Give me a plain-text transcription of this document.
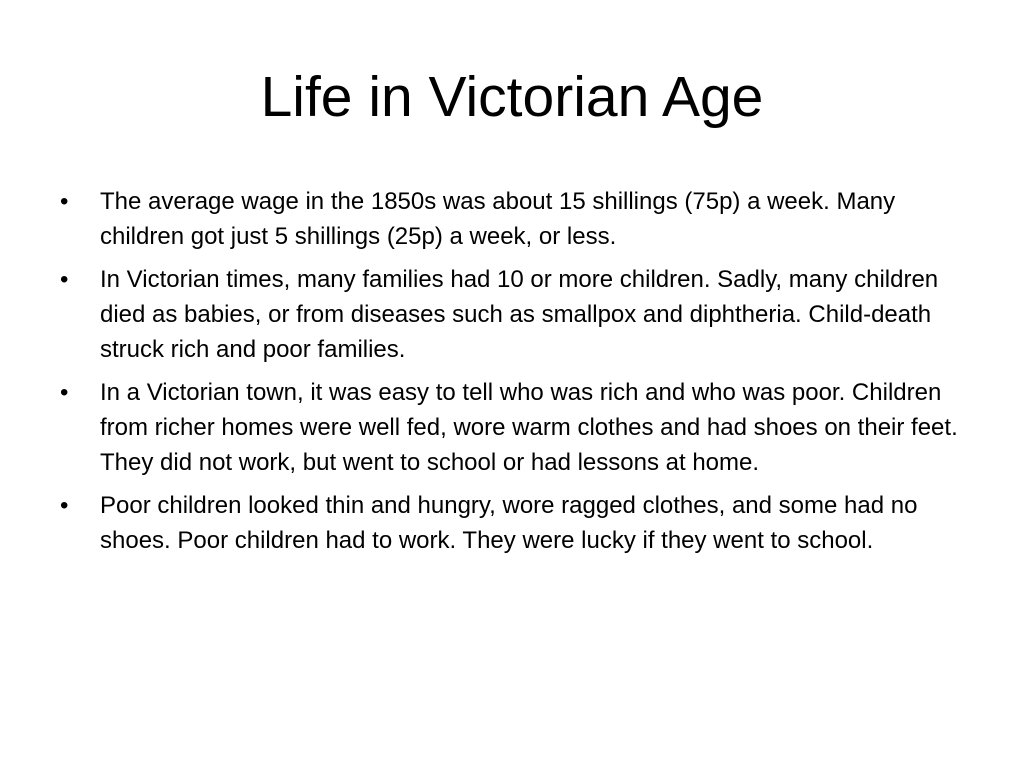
Life in Victorian Age
•	The average wage in the 1850s was about 15 shillings (75p) a week. Many children got just 5 shillings (25p) a week, or less.
•	In Victorian times, many families had 10 or more children. Sadly, many children died as babies, or from diseases such as smallpox and diphtheria. Child-death struck rich and poor families.
•	In a Victorian town, it was easy to tell who was rich and who was poor. Children from richer homes were well fed, wore warm clothes and had shoes on their feet. They did not work, but went to school or had lessons at home.
•	Poor children looked thin and hungry, wore ragged clothes, and some had no shoes. Poor children had to work. They were lucky if they went to school.
